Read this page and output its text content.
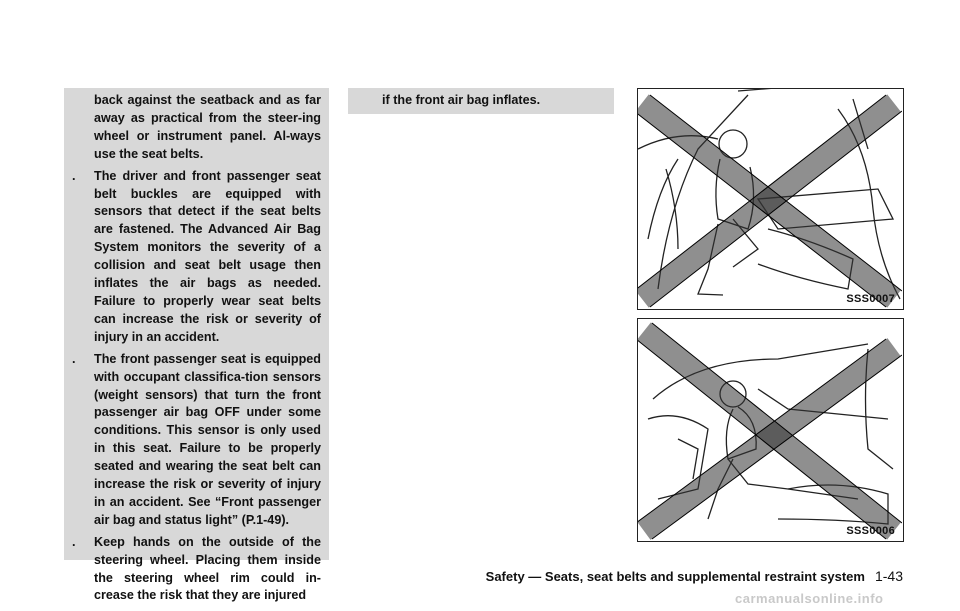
back against the seatback and as far away as practical from the steer-ing wheel or instrument panel. Al-ways use the seat belts.

. The driver and front passenger seat belt buckles are equipped with sensors that detect if the seat belts are fastened. The Advanced Air Bag System monitors the severity of a collision and seat belt usage then inflates the air bags as needed. Failure to properly wear seat belts can increase the risk or severity of injury in an accident.

. The front passenger seat is equipped with occupant classifica-tion sensors (weight sensors) that turn the front passenger air bag OFF under some conditions. This sensor is only used in this seat. Failure to be properly seated and wearing the seat belt can increase the risk or severity of injury in an accident. See “Front passenger air bag and status light” (P.1-49).

. Keep hands on the outside of the steering wheel. Placing them inside the steering wheel rim could in-crease the risk that they are injured

if the front air bag inflates.

SSS0007
SSS0006
Safety — Seats, seat belts and supplemental restraint system 1-43
carmanualsonline.info
